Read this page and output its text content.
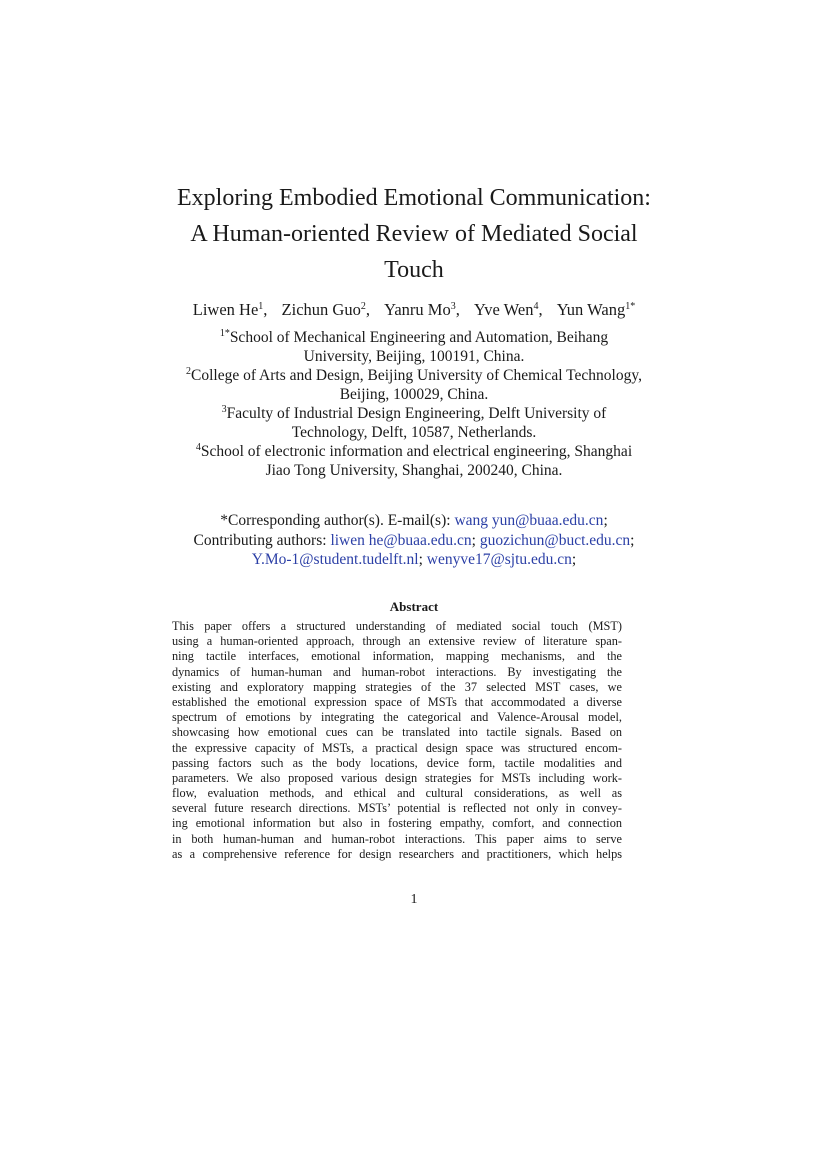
Exploring Embodied Emotional Communication:
A Human-oriented Review of Mediated Social
Touch
Liwen He$^1$, Zichun Guo$^2$, Yanru Mo$^3$, Yve Wen$^4$, Yun Wang$^{1*}$
$^{1*}$School of Mechanical Engineering and Automation, Beihang
University, Beijing, 100191, China.
$^2$College of Arts and Design, Beijing University of Chemical Technology,
Beijing, 100029, China.
$^3$Faculty of Industrial Design Engineering, Delft University of
Technology, Delft, 10587, Netherlands.
$^4$School of electronic information and electrical engineering, Shanghai
Jiao Tong University, Shanghai, 200240, China.
*Corresponding author(s). E-mail(s): wang yun@buaa.edu.cn;
Contributing authors: liwen he@buaa.edu.cn; guozichun@buct.edu.cn;
Y.Mo-1@student.tudelft.nl; wenyve17@sjtu.edu.cn;
Abstract
This paper offers a structured understanding of mediated social touch (MST)
using a human-oriented approach, through an extensive review of literature span-
ning tactile interfaces, emotional information, mapping mechanisms, and the
dynamics of human-human and human-robot interactions. By investigating the
existing and exploratory mapping strategies of the 37 selected MST cases, we
established the emotional expression space of MSTs that accommodated a diverse
spectrum of emotions by integrating the categorical and Valence-Arousal model,
showcasing how emotional cues can be translated into tactile signals. Based on
the expressive capacity of MSTs, a practical design space was structured encom-
passing factors such as the body locations, device form, tactile modalities and
parameters. We also proposed various design strategies for MSTs including work-
flow, evaluation methods, and ethical and cultural considerations, as well as
several future research directions. MSTs’ potential is reflected not only in convey-
ing emotional information but also in fostering empathy, comfort, and connection
in both human-human and human-robot interactions. This paper aims to serve
as a comprehensive reference for design researchers and practitioners, which helps
1
